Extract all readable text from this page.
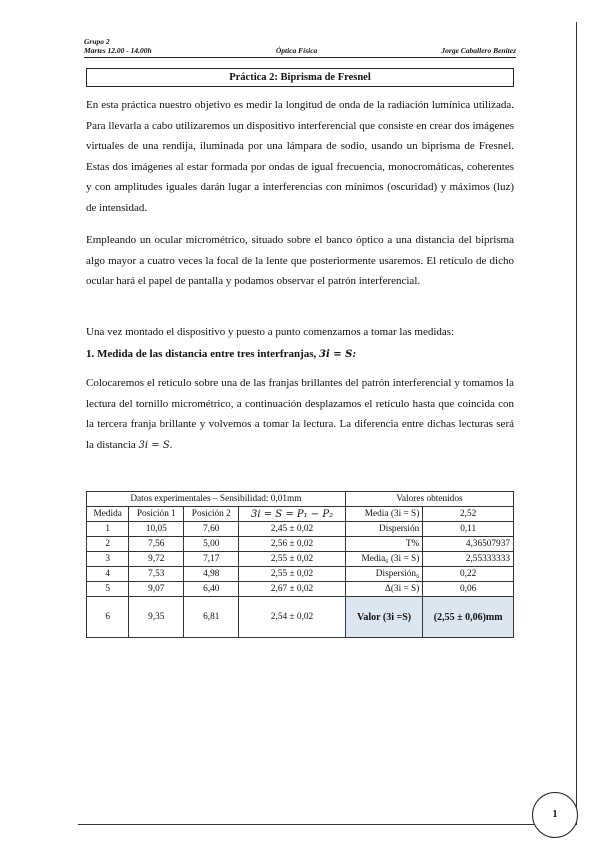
Grupo 2
Martes 12.00 - 14.00h	Óptica Física	Jorge Caballero Benítez
Práctica 2: Biprisma de Fresnel
En esta práctica nuestro objetivo es medir la longitud de onda de la radiación lumínica utilizada. Para llevarla a cabo utilizaremos un dispositivo interferencial que consiste en crear dos imágenes virtuales de una rendija, iluminada por una lámpara de sodio, usando un biprisma de Fresnel. Estas dos imágenes al estar formada por ondas de igual frecuencia, monocromáticas, coherentes y con amplitudes iguales darán lugar a interferencias con mínimos (oscuridad) y máximos (luz) de intensidad.
Empleando un ocular micrométrico, situado sobre el banco óptico a una distancia del biprisma algo mayor a cuatro veces la focal de la lente que posteriormente usaremos. El retículo de dicho ocular hará el papel de pantalla y podamos observar el patrón interferencial.
Una vez montado el dispositivo y puesto a punto comenzamos a tomar las medidas:
1. Medida de las distancia entre tres interfranjas, 3i = S:
Colocaremos el retículo sobre una de las franjas brillantes del patrón interferencial y tomamos la lectura del tornillo micrométrico, a continuación desplazamos el retículo hasta que coincida con la tercera franja brillante y volvemos a tomar la lectura. La diferencia entre dichas lecturas será la distancia 3i = S.
Datos experimentales – Sensibilidad: 0,01mm				Valores obtenidos	
Medida	Posición 1	Posición 2	3i = S = P₁ − P₂	Media (3i = S)	2,52
1	10,05	7,60	2,45 ± 0,02	Dispersión	0,11
2	7,56	5,00	2,56 ± 0,02	T%	4,36507937
3	9,72	7,17	2,55 ± 0,02	Media₆ (3i = S)	2,55333333
4	7,53	4,98	2,55 ± 0,02	Dispersión₆	0,22
5	9,07	6,40	2,67 ± 0,02	Δ(3i = S)	0,06
6	9,35	6,81	2,54 ± 0,02	Valor (3i =S)	(2,55 ± 0,06)mm
1
